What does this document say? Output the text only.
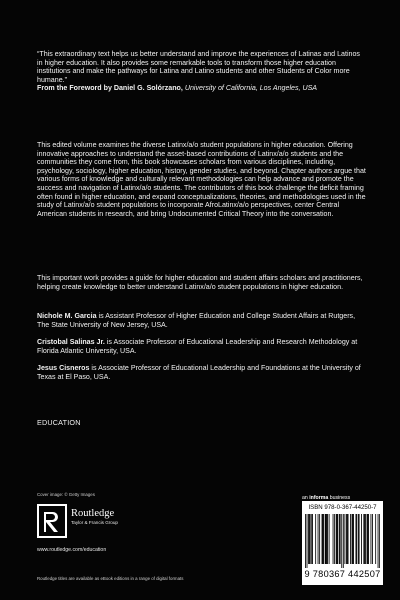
“This extraordinary text helps us better understand and improve the experiences of Latinas and Latinos in higher education. It also provides some remarkable tools to transform those higher education institutions and make the pathways for Latina and Latino students and other Students of Color more humane.”
From the Foreword by Daniel G. Solórzano, University of California, Los Angeles, USA
This edited volume examines the diverse Latinx/a/o student populations in higher education. Offering innovative approaches to understand the asset-based contributions of Latinx/a/o students and the communities they come from, this book showcases scholars from various disciplines, including, psychology, sociology, higher education, history, gender studies, and beyond. Chapter authors argue that various forms of knowledge and culturally relevant methodologies can help advance and promote the success and navigation of Latinx/a/o students. The contributors of this book challenge the deficit framing often found in higher education, and expand conceptualizations, theories, and methodologies used in the study of Latinx/a/o student populations to incorporate AfroLatinx/a/o perspectives, center Central American students in research, and bring Undocumented Critical Theory into the conversation.
This important work provides a guide for higher education and student affairs scholars and practitioners, helping create knowledge to better understand Latinx/a/o student populations in higher education.
Nichole M. Garcia is Assistant Professor of Higher Education and College Student Affairs at Rutgers, The State University of New Jersey, USA.
Cristobal Salinas Jr. is Associate Professor of Educational Leadership and Research Methodology at Florida Atlantic University, USA.
Jesus Cisneros is Associate Professor of Educational Leadership and Foundations at the University of Texas at El Paso, USA.
EDUCATION
Cover image: © Getty Images
an informa business
Routledge
Taylor & Francis Group
www.routledge.com/education
Routledge titles are available as eBook editions in a range of digital formats
ISBN 978-0-367-44250-7
9 780367 442507
